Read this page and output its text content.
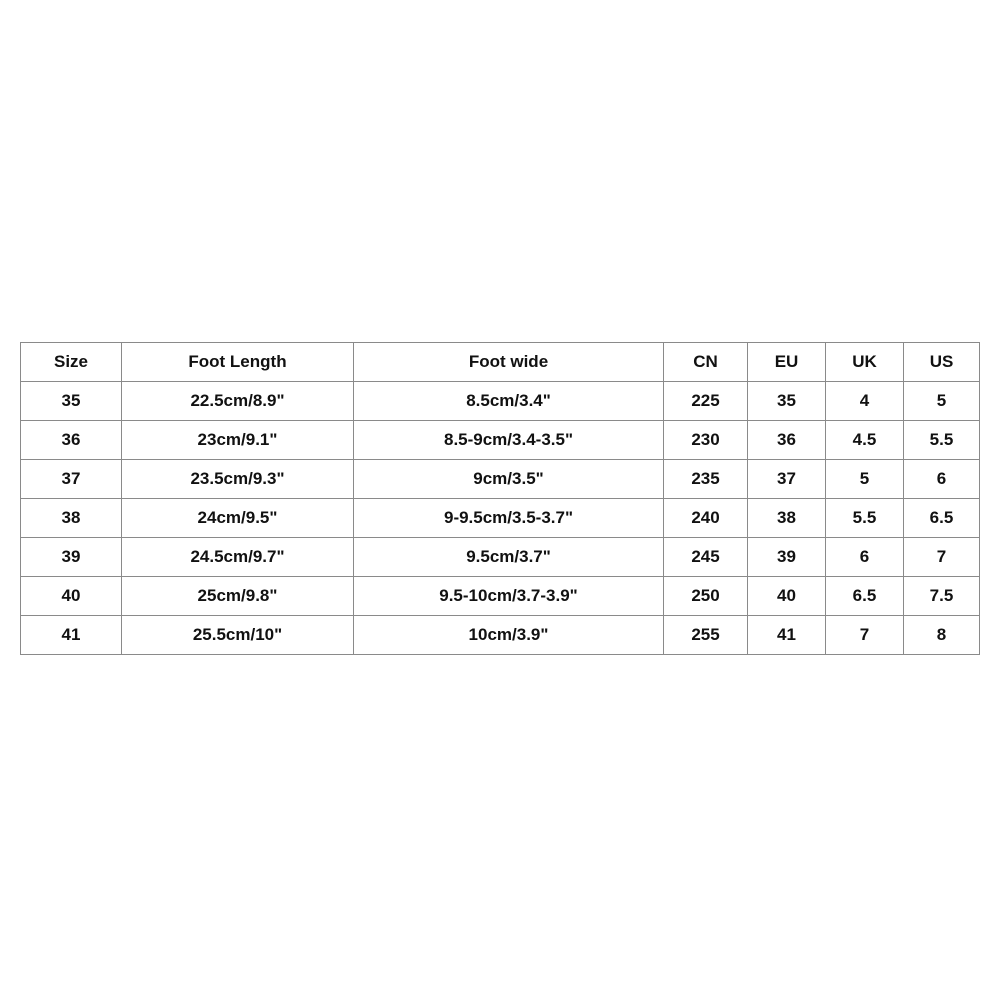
Size	Foot Length	Foot wide	CN	EU	UK	US
35	22.5cm/8.9"	8.5cm/3.4"	225	35	4	5
36	23cm/9.1"	8.5-9cm/3.4-3.5"	230	36	4.5	5.5
37	23.5cm/9.3"	9cm/3.5"	235	37	5	6
38	24cm/9.5"	9-9.5cm/3.5-3.7"	240	38	5.5	6.5
39	24.5cm/9.7"	9.5cm/3.7"	245	39	6	7
40	25cm/9.8"	9.5-10cm/3.7-3.9"	250	40	6.5	7.5
41	25.5cm/10"	10cm/3.9"	255	41	7	8
